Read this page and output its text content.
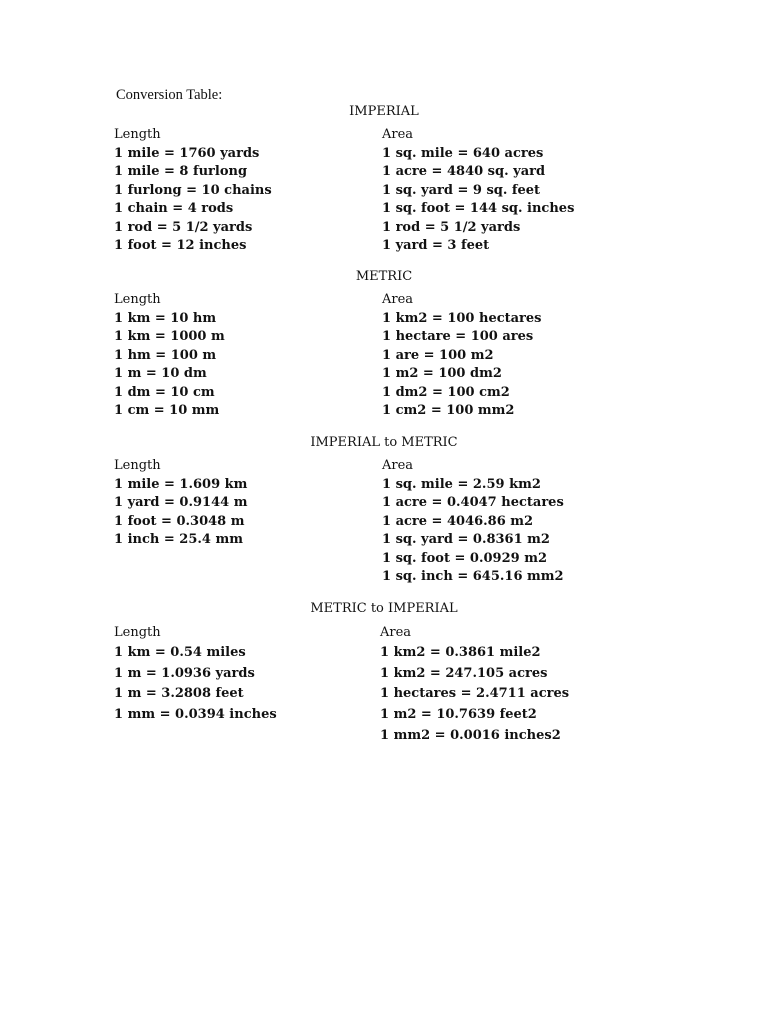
Conversion Table:
IMPERIAL
Length
1 mile = 1760 yards
1 mile = 8 furlong
1 furlong = 10 chains
1 chain = 4 rods
1 rod = 5 1/2 yards
1 foot = 12 inches
Area
1 sq. mile = 640 acres
1 acre = 4840 sq. yard
1 sq. yard = 9 sq. feet
1 sq. foot = 144 sq. inches
1 rod = 5 1/2 yards
1 yard = 3 feet
METRIC
Length
1 km = 10 hm
1 km = 1000 m
1 hm = 100 m
1 m = 10 dm
1 dm = 10 cm
1 cm = 10 mm
Area
1 km2 = 100 hectares
1 hectare = 100 ares
1 are = 100 m2
1 m2 = 100 dm2
1 dm2 = 100 cm2
1 cm2 = 100 mm2
IMPERIAL to METRIC
Length
1 mile = 1.609 km
1 yard = 0.9144 m
1 foot = 0.3048 m
1 inch = 25.4 mm
Area
1 sq. mile = 2.59 km2
1 acre = 0.4047 hectares
1 acre = 4046.86 m2
1 sq. yard = 0.8361 m2
1 sq. foot = 0.0929 m2
1 sq. inch = 645.16 mm2
METRIC to IMPERIAL
Length
1 km = 0.54 miles
1 m = 1.0936 yards
1 m = 3.2808 feet
1 mm = 0.0394 inches
Area
1 km2 = 0.3861 mile2
1 km2 = 247.105 acres
1 hectares = 2.4711 acres
1 m2 = 10.7639 feet2
1 mm2 = 0.0016 inches2
